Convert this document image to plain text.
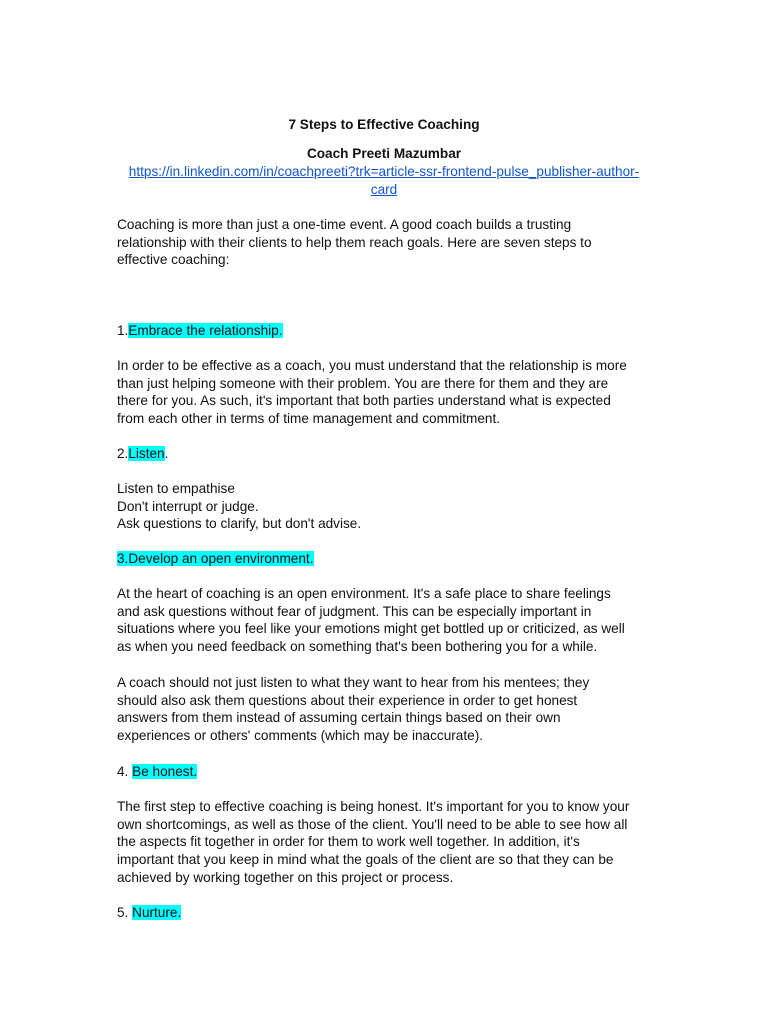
7 Steps to Effective Coaching
Coach Preeti Mazumbar
https://in.linkedin.com/in/coachpreeti?trk=article-ssr-frontend-pulse_publisher-author-
card
Coaching is more than just a one-time event. A good coach builds a trusting
relationship with their clients to help them reach goals. Here are seven steps to
effective coaching:
1.Embrace the relationship.
In order to be effective as a coach, you must understand that the relationship is more
than just helping someone with their problem. You are there for them and they are
there for you. As such, it's important that both parties understand what is expected
from each other in terms of time management and commitment.
2.Listen.
Listen to empathise
Don't interrupt or judge.
Ask questions to clarify, but don't advise.
3.Develop an open environment.
At the heart of coaching is an open environment. It's a safe place to share feelings
and ask questions without fear of judgment. This can be especially important in
situations where you feel like your emotions might get bottled up or criticized, as well
as when you need feedback on something that's been bothering you for a while.
A coach should not just listen to what they want to hear from his mentees; they
should also ask them questions about their experience in order to get honest
answers from them instead of assuming certain things based on their own
experiences or others' comments (which may be inaccurate).
4. Be honest.
The first step to effective coaching is being honest. It's important for you to know your
own shortcomings, as well as those of the client. You'll need to be able to see how all
the aspects fit together in order for them to work well together. In addition, it's
important that you keep in mind what the goals of the client are so that they can be
achieved by working together on this project or process.
5. Nurture.
